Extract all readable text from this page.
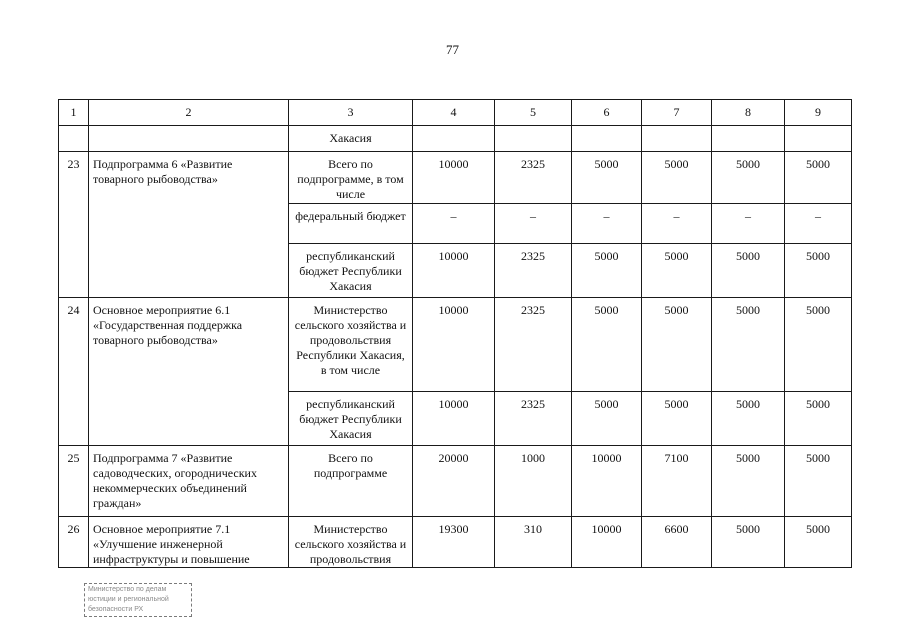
77
1	2	3	4	5	6	7	8	9
		Хакасия						
23	Подпрограмма 6 «Развитие товарного рыбоводства»	Всего по подпрограмме, в том числе	10000	2325	5000	5000	5000	5000
		федеральный бюджет	–	–	–	–	–	–
		республиканский бюджет Республики Хакасия	10000	2325	5000	5000	5000	5000
24	Основное мероприятие 6.1 «Государственная поддержка товарного рыбоводства»	Министерство сельского хозяйства и продовольствия Республики Хакасия, в том числе	10000	2325	5000	5000	5000	5000
		республиканский бюджет Республики Хакасия	10000	2325	5000	5000	5000	5000
25	Подпрограмма 7 «Развитие садоводческих, огороднических некоммерческих объединений граждан»	Всего по подпрограмме	20000	1000	10000	7100	5000	5000
26	Основное мероприятие 7.1 «Улучшение инженерной инфраструктуры и повышение	Министерство сельского хозяйства и продовольствия	19300	310	10000	6600	5000	5000
Министерство по делам
юстиции и региональной
безопасности РХ
